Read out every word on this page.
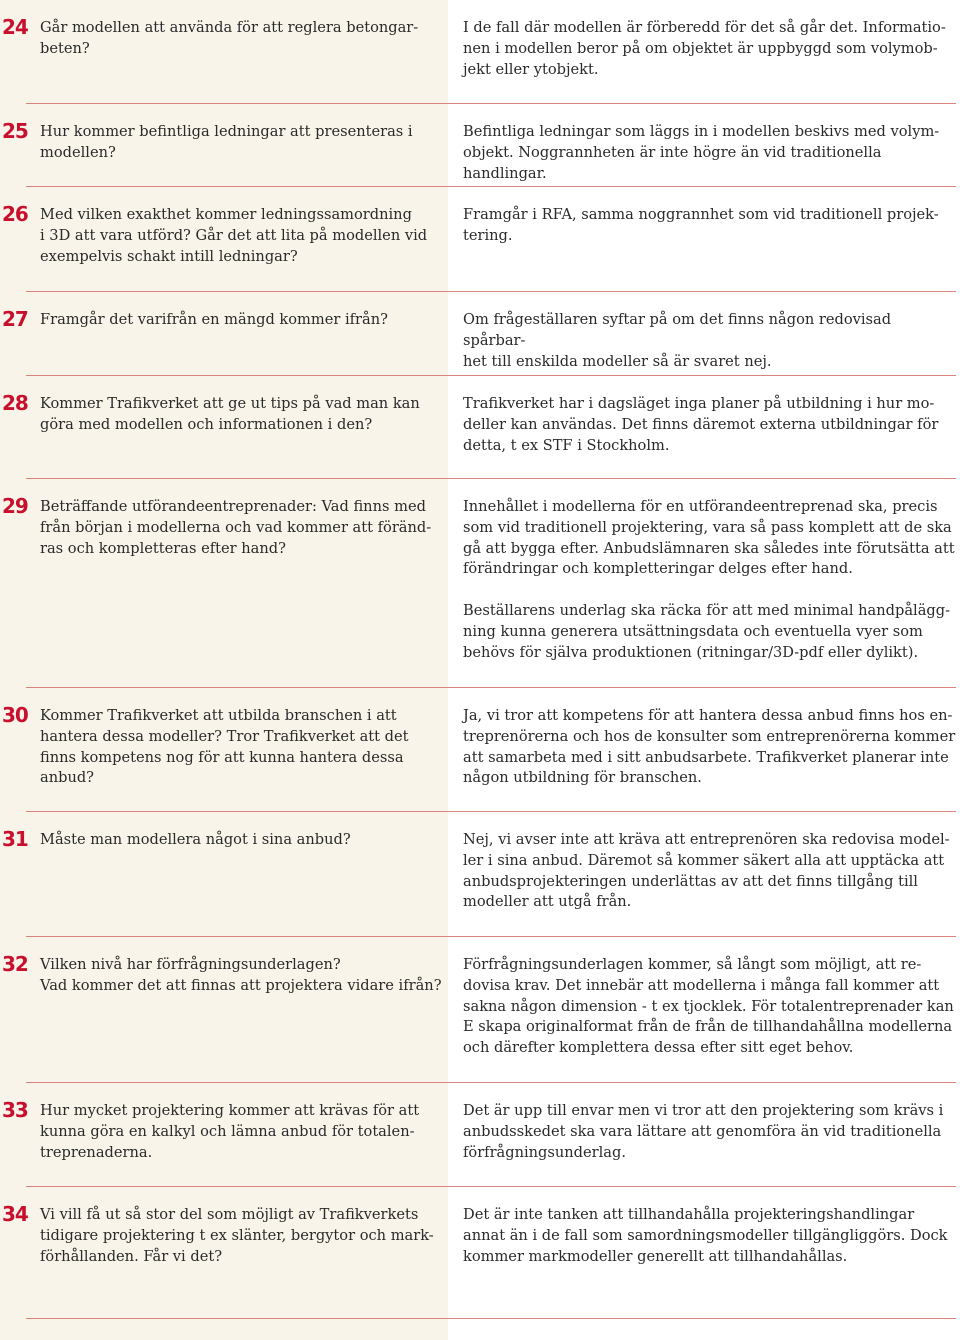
24 Går modellen att använda för att reglera betongar-
beten?

I de fall där modellen är förberedd för det så går det. Informatio-
nen i modellen beror på om objektet är uppbyggd som volymob-
jekt eller ytobjekt.

25 Hur kommer befintliga ledningar att presenteras i
modellen?

Befintliga ledningar som läggs in i modellen beskivs med volym-
objekt. Noggrannheten är inte högre än vid traditionella handlingar.

26 Med vilken exakthet kommer ledningssamordning
i 3D att vara utförd? Går det att lita på modellen vid
exempelvis schakt intill ledningar?

Framgår i RFA, samma noggrannhet som vid traditionell projek-
tering.

27 Framgår det varifrån en mängd kommer ifrån?	Om frågeställaren syftar på om det finns någon redovisad spårbar-
het till enskilda modeller så är svaret nej.

28 Kommer Trafikverket att ge ut tips på vad man kan
göra med modellen och informationen i den?

Trafikverket har i dagsläget inga planer på utbildning i hur mo-
deller kan användas. Det finns däremot externa utbildningar för
detta, t ex STF i Stockholm.

29 Beträffande utförandeentreprenader: Vad finns med
från början i modellerna och vad kommer att föränd-
ras och kompletteras efter hand?

Innehållet i modellerna för en utförandeentreprenad ska, precis
som vid traditionell projektering, vara så pass komplett att de ska
gå att bygga efter. Anbudslämnaren ska således inte förutsätta att
förändringar och kompletteringar delges efter hand.

Beställarens underlag ska räcka för att med minimal handpålägg-
ning kunna generera utsättningsdata och eventuella vyer som
behövs för själva produktionen (ritningar/3D-pdf eller dylikt).

30 Kommer Trafikverket att utbilda branschen i att
hantera dessa modeller? Tror Trafikverket att det
finns kompetens nog för att kunna hantera dessa
anbud?

Ja, vi tror att kompetens för att hantera dessa anbud finns hos en-
treprenörerna och hos de konsulter som entreprenörerna kommer
att samarbeta med i sitt anbudsarbete. Trafikverket planerar inte
någon utbildning för branschen.

31 Måste man modellera något i sina anbud?	Nej, vi avser inte att kräva att entreprenören ska redovisa model-
ler i sina anbud. Däremot så kommer säkert alla att upptäcka att
anbudsprojekteringen underlättas av att det finns tillgång till
modeller att utgå från.

32 Vilken nivå har förfrågningsunderlagen?
Vad kommer det att finnas att projektera vidare ifrån?

Förfrågningsunderlagen kommer, så långt som möjligt, att re-
dovisa krav. Det innebär att modellerna i många fall kommer att
sakna någon dimension - t ex tjocklek. För totalentreprenader kan
E skapa originalformat från de från de tillhandahållna modellerna
och därefter komplettera dessa efter sitt eget behov.

33 Hur mycket projektering kommer att krävas för att
kunna göra en kalkyl och lämna anbud för totalen-
treprenaderna.

Det är upp till envar men vi tror att den projektering som krävs i
anbudsskedet ska vara lättare att genomföra än vid traditionella
förfrågningsunderlag.

34 Vi vill få ut så stor del som möjligt av Trafikverkets
tidigare projektering t ex slänter, bergytor och mark-
förhållanden. Får vi det?

Det är inte tanken att tillhandahålla projekteringshandlingar
annat än i de fall som samordningsmodeller tillgängliggörs. Dock
kommer markmodeller generellt att tillhandahållas.
